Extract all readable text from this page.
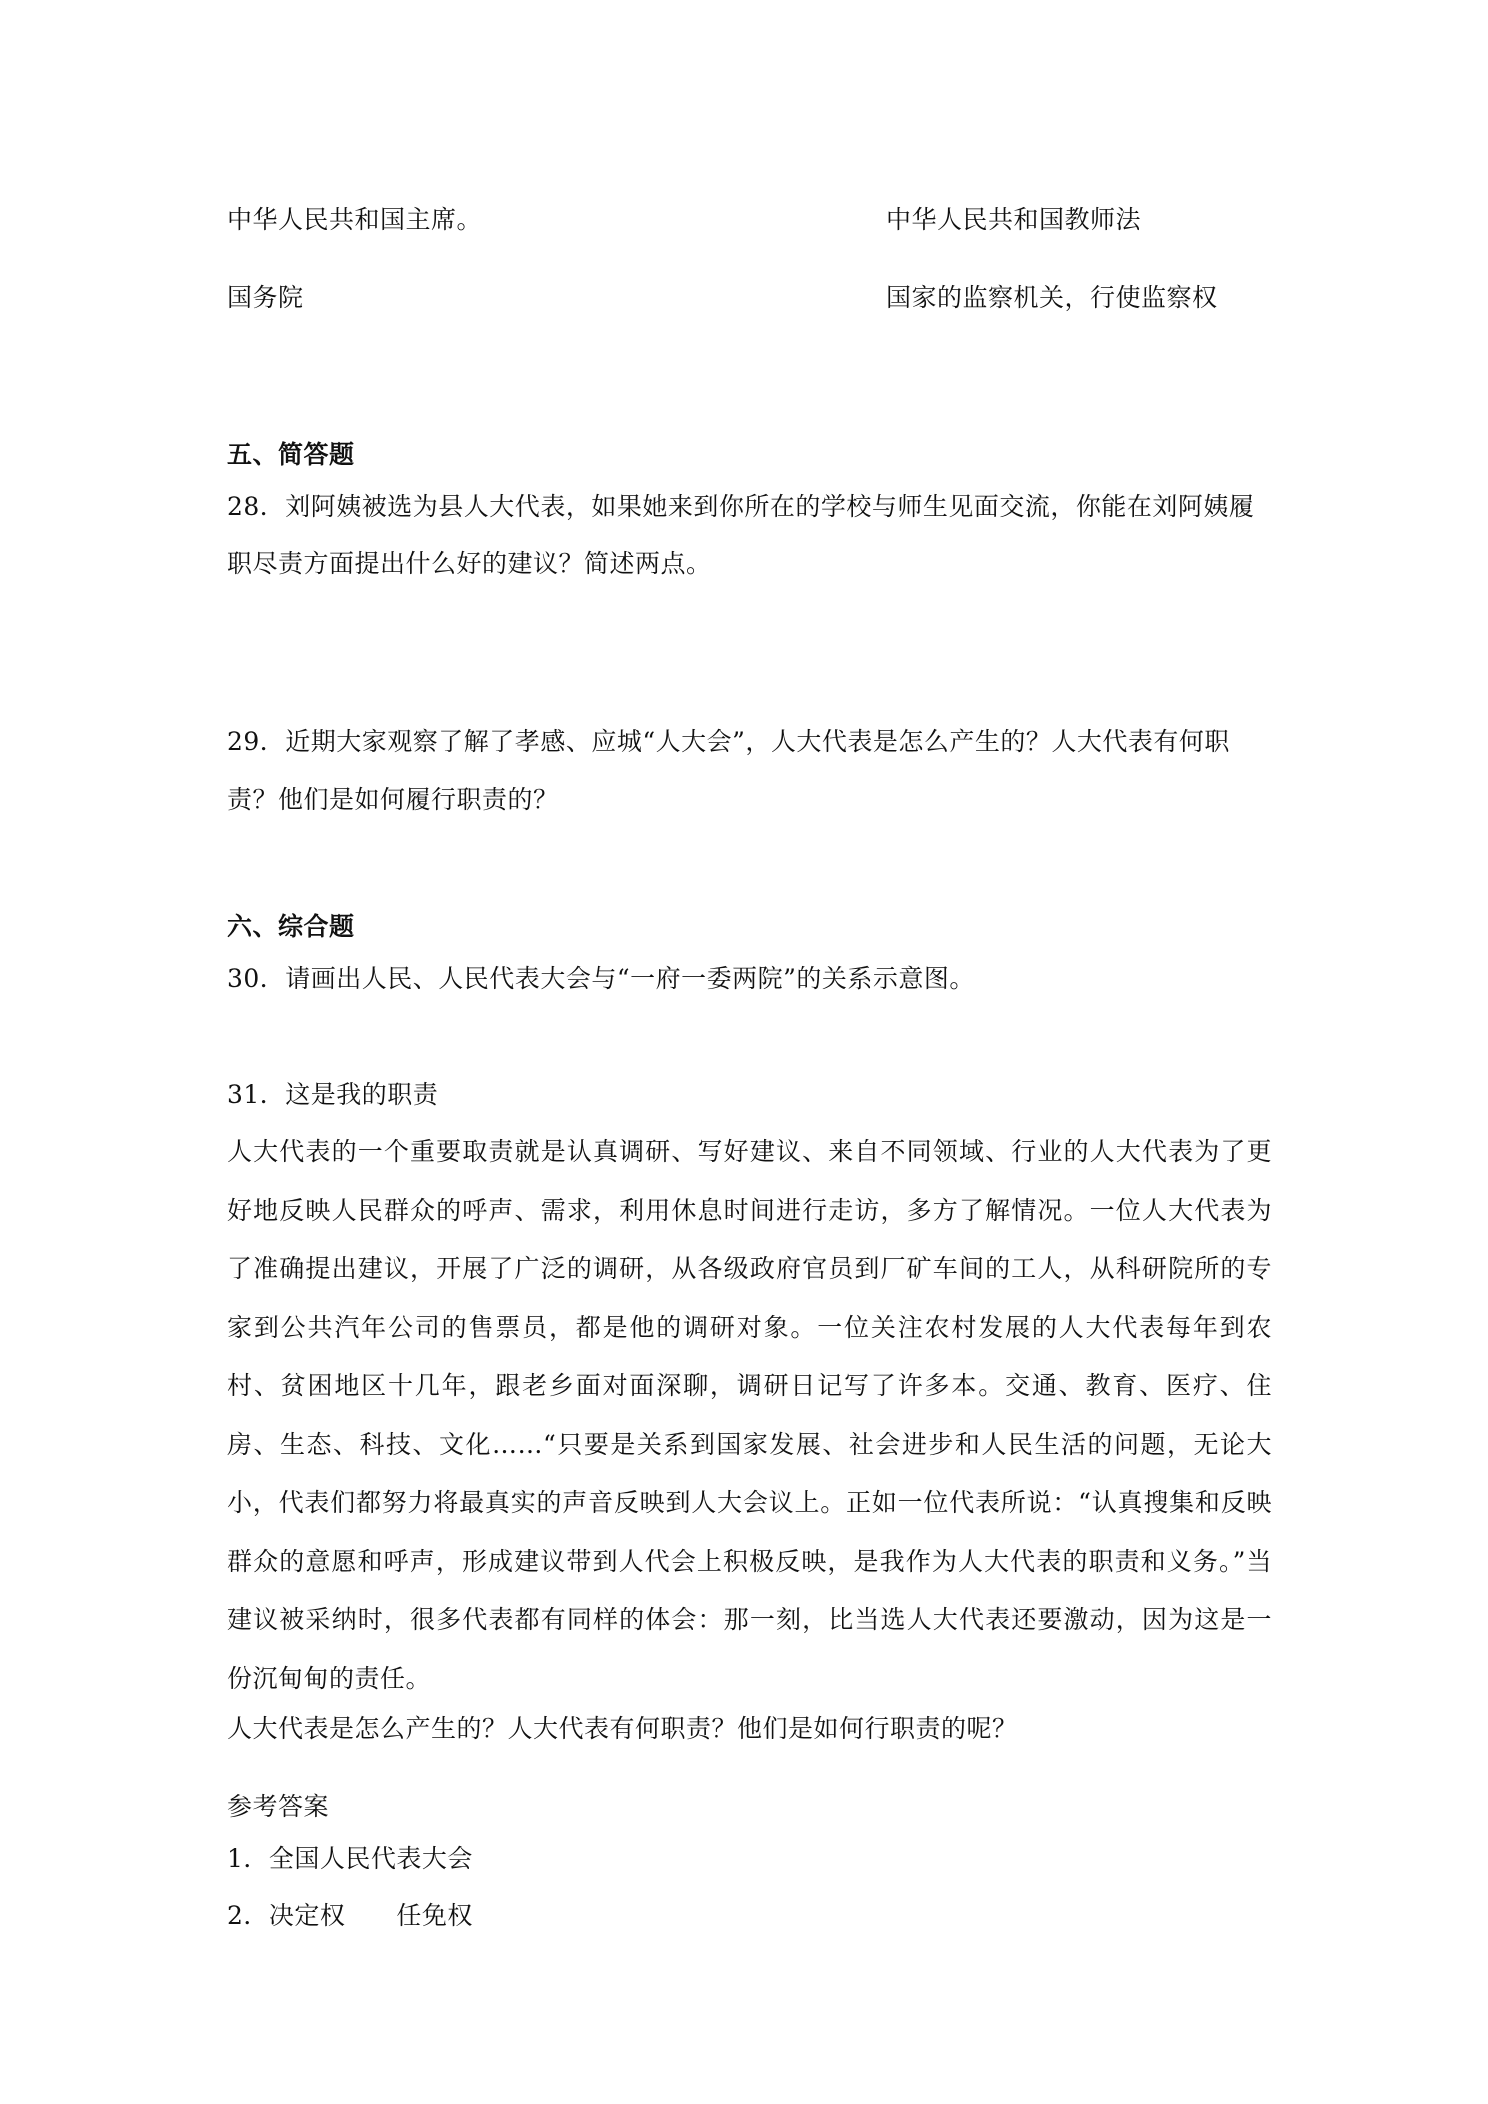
中华人民共和国主席。	中华人民共和国教师法
国务院	国家的监察机关，行使监察权
五、简答题
28．刘阿姨被选为县人大代表，如果她来到你所在的学校与师生见面交流，你能在刘阿姨履
职尽责方面提出什么好的建议？简述两点。
29．近期大家观察了解了孝感、应城“人大会”，人大代表是怎么产生的？人大代表有何职
责？他们是如何履行职责的？
六、综合题
30．请画出人民、人民代表大会与“一府一委两院”的关系示意图。
31．这是我的职责

人大代表的一个重要取责就是认真调研、写好建议、来自不同领域、行业的人大代表为了更好地反映人民群众的呼声、需求，利用休息时间进行走访，多方了解情况。一位人大代表为了准确提出建议，开展了广泛的调研，从各级政府官员到厂矿车间的工人，从科研院所的专家到公共汽年公司的售票员，都是他的调研对象。一位关注农村发展的人大代表每年到农村、贫困地区十几年，跟老乡面对面深聊，调研日记写了许多本。交通、教育、医疗、住房、生态、科技、文化……“只要是关系到国家发展、社会进步和人民生活的问题，无论大小，代表们都努力将最真实的声音反映到人大会议上。正如一位代表所说：“认真搜集和反映群众的意愿和呼声，形成建议带到人代会上积极反映，是我作为人大代表的职责和义务。”当建议被采纳时，很多代表都有同样的体会：那一刻，比当选人大代表还要激动，因为这是一份沉甸甸的责任。

人大代表是怎么产生的？人大代表有何职责？他们是如何行职责的呢？
参考答案
1．全国人民代表大会
2．决定权　　任免权
